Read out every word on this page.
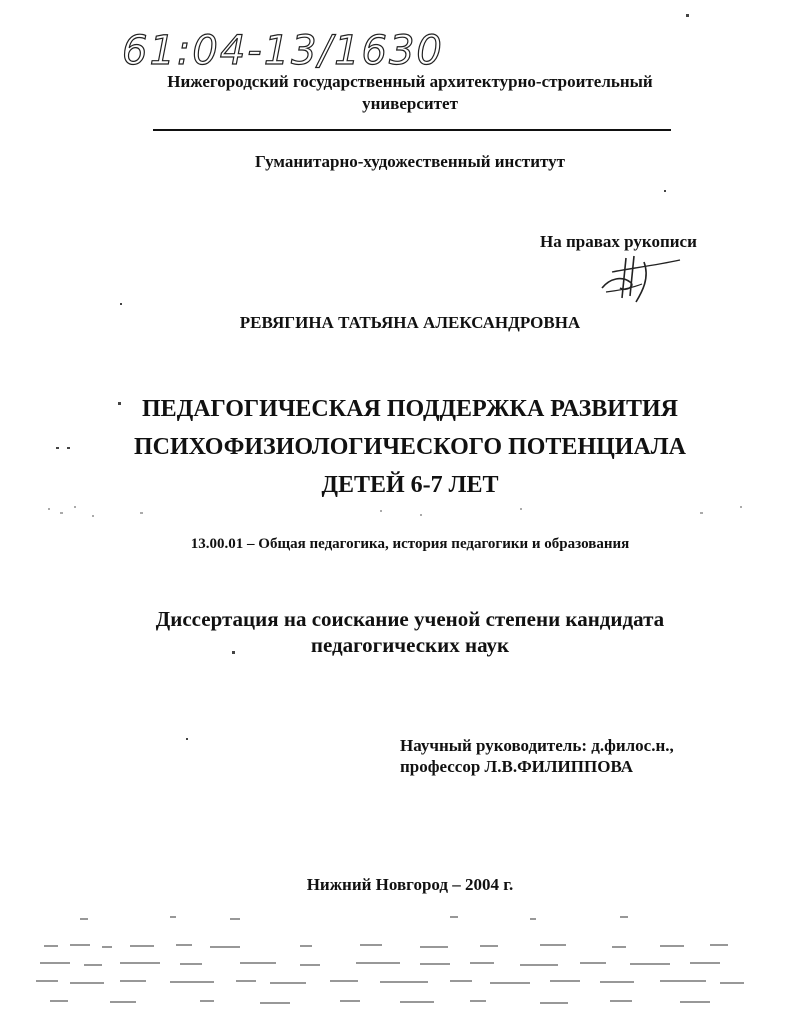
61:04-13/1630
Нижегородский государственный архитектурно-строительный
университет
Гуманитарно-художественный институт
На правах рукописи
РЕВЯГИНА ТАТЬЯНА АЛЕКСАНДРОВНА
ПЕДАГОГИЧЕСКАЯ ПОДДЕРЖКА РАЗВИТИЯ
ПСИХОФИЗИОЛОГИЧЕСКОГО ПОТЕНЦИАЛА
ДЕТЕЙ 6-7 ЛЕТ
13.00.01 – Общая педагогика, история педагогики и образования
Диссертация на соискание ученой степени кандидата
педагогических наук
Научный руководитель: д.филос.н.,
профессор Л.В.ФИЛИППОВА
Нижний Новгород – 2004 г.
